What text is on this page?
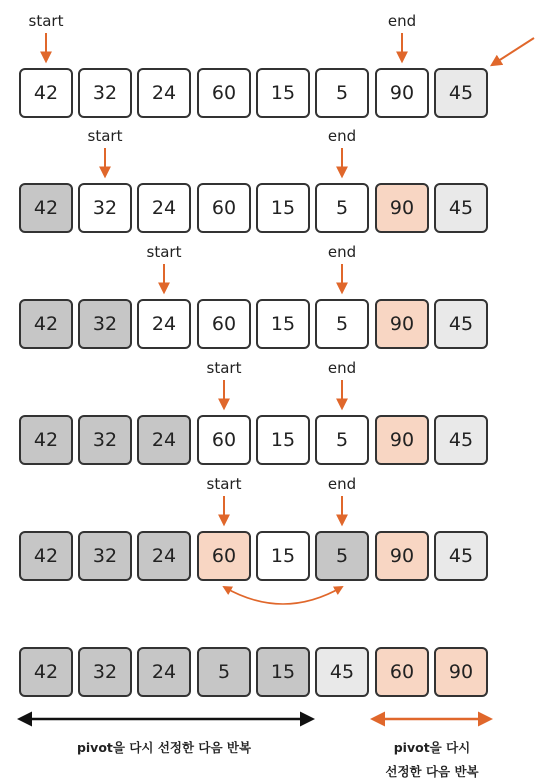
42	32	24	60	15	5	90	45
start	end
42	32	24	60	15	5	90	45
start	end
42	32	24	60	15	5	90	45
start	end
42	32	24	60	15	5	90	45
start	end
42	32	24	60	15	5	90	45
start	end
42	32	24	5	15	45	60	90
pivot을 다시 선정한 다음 반복	pivot을 다시
선정한 다음 반복
